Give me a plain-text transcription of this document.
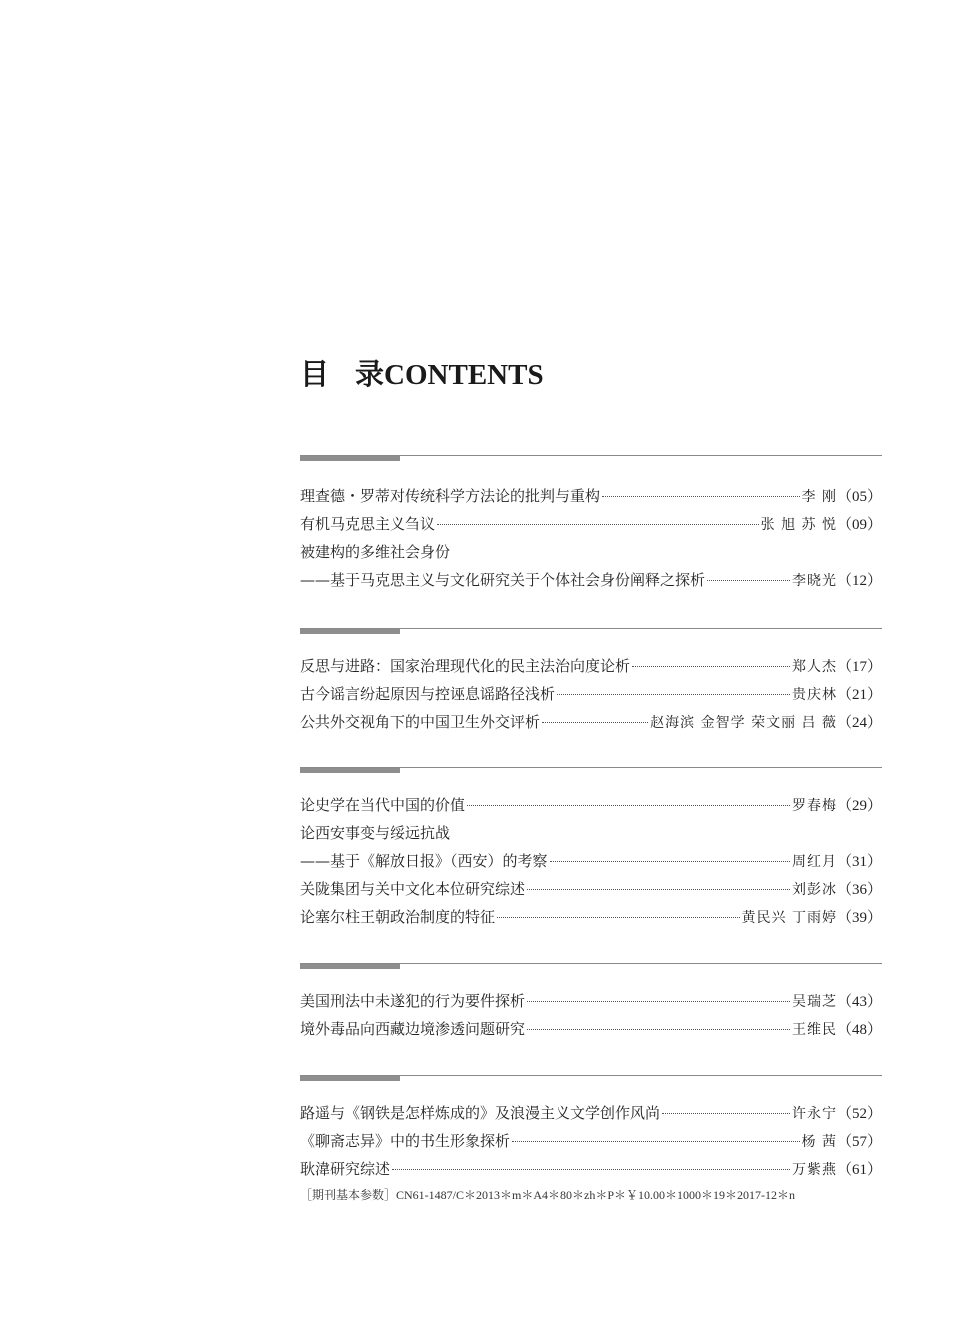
目 录CONTENTS
理查德・罗蒂对传统科学方法论的批判与重构	李 刚 （05）
有机马克思主义刍议	张 旭 苏 悦 （09）
被建构的多维社会身份
——基于马克思主义与文化研究关于个体社会身份阐释之探析	李晓光 （12）
反思与进路：国家治理现代化的民主法治向度论析	郑人杰 （17）
古今谣言纷起原因与控诬息谣路径浅析	贵庆林 （21）
公共外交视角下的中国卫生外交评析	赵海滨 金智学 荣文丽 吕 薇 （24）
论史学在当代中国的价值	罗春梅 （29）
论西安事变与绥远抗战
——基于《解放日报》（西安）的考察	周红月 （31）
关陇集团与关中文化本位研究综述	刘彭冰 （36）
论塞尔柱王朝政治制度的特征	黄民兴 丁雨婷 （39）
美国刑法中未遂犯的行为要件探析	吴瑞芝 （43）
境外毒品向西藏边境渗透问题研究	王维民 （48）
路遥与《钢铁是怎样炼成的》及浪漫主义文学创作风尚	许永宁 （52）
《聊斋志异》中的书生形象探析	杨 茜 （57）
耿湋研究综述	万紫燕 （61）
［期刊基本参数］CN61-1487/C＊2013＊m＊A4＊80＊zh＊P＊￥10.00＊1000＊19＊2017-12＊n
